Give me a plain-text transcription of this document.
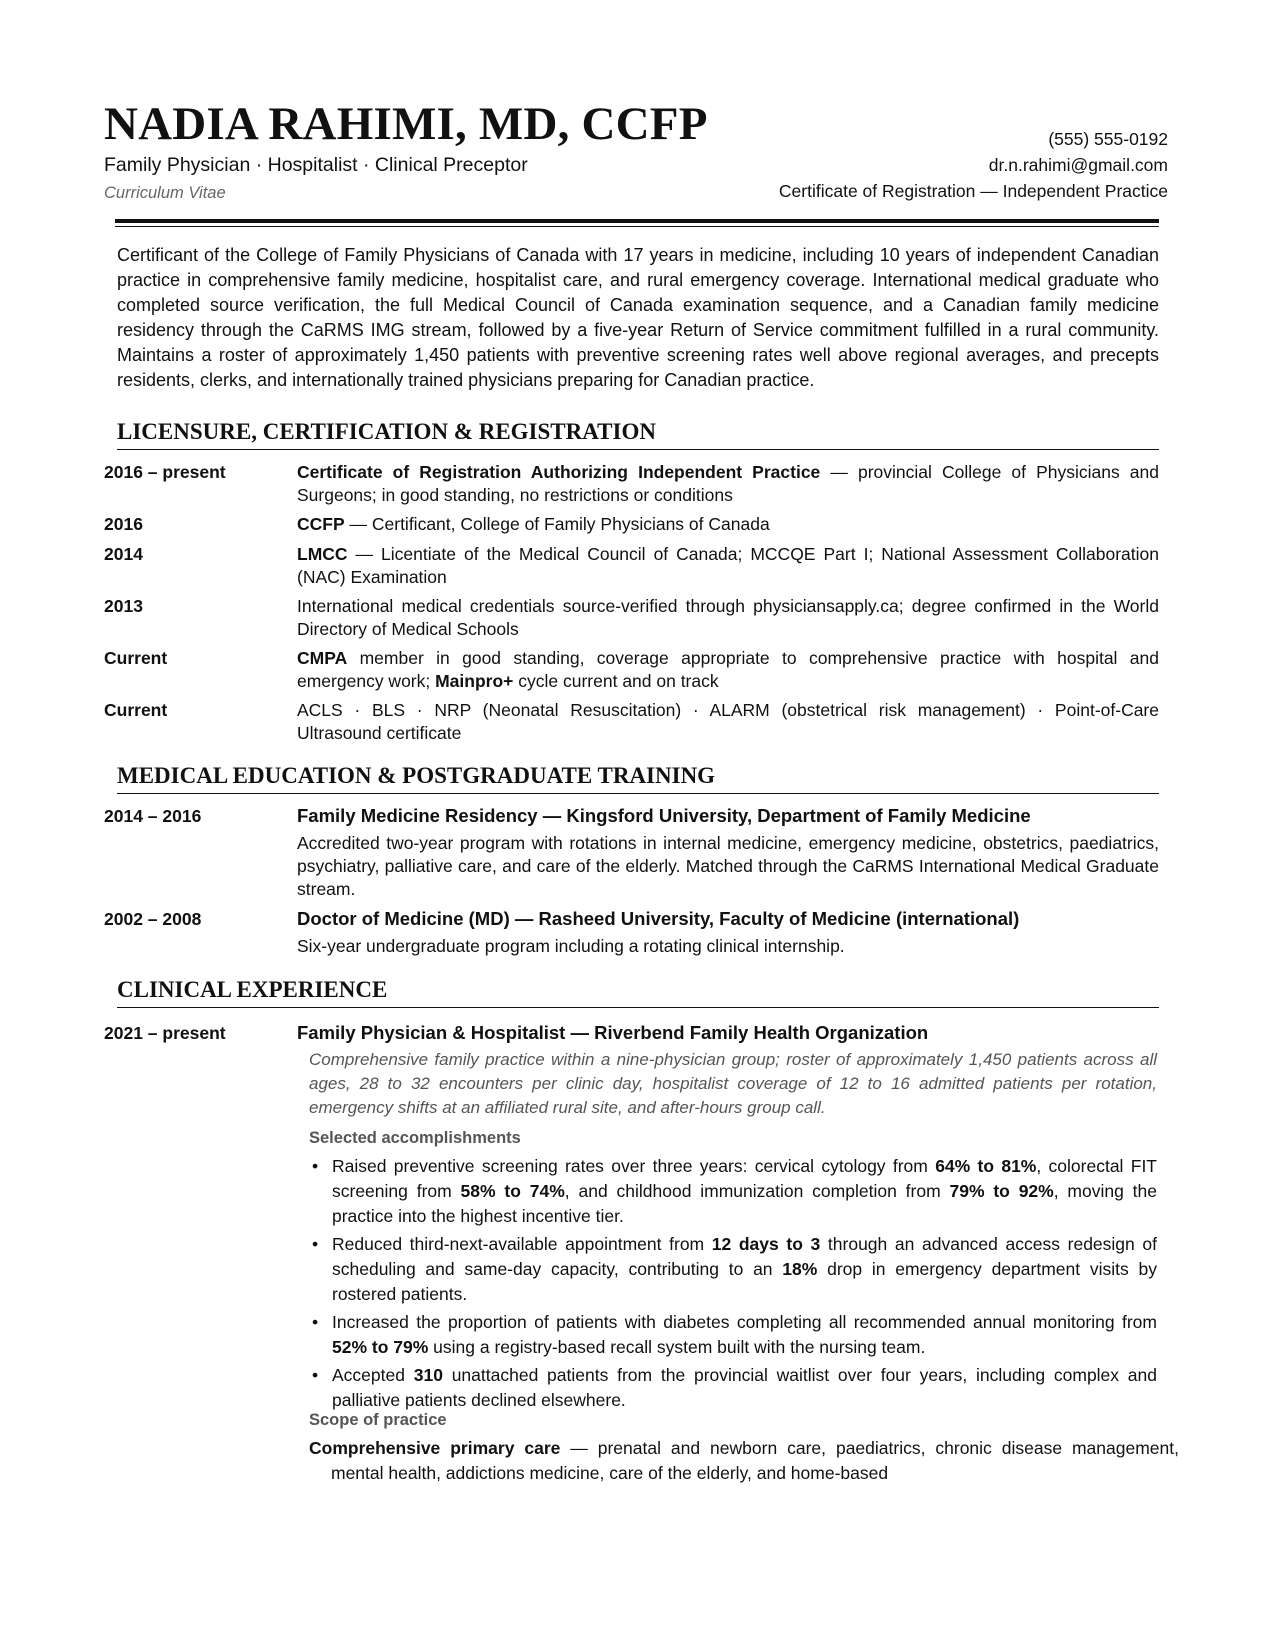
NADIA RAHIMI, MD, CCFP
Family Physician · Hospitalist · Clinical Preceptor
Curriculum Vitae
(555) 555-0192
dr.n.rahimi@gmail.com
Certificate of Registration — Independent Practice
Certificant of the College of Family Physicians of Canada with 17 years in medicine, including 10 years of independent Canadian practice in comprehensive family medicine, hospitalist care, and rural emergency coverage. International medical graduate who completed source verification, the full Medical Council of Canada examination sequence, and a Canadian family medicine residency through the CaRMS IMG stream, followed by a five-year Return of Service commitment fulfilled in a rural community. Maintains a roster of approximately 1,450 patients with preventive screening rates well above regional averages, and precepts residents, clerks, and internationally trained physicians preparing for Canadian practice.
LICENSURE, CERTIFICATION & REGISTRATION
2016 – present	Certificate of Registration Authorizing Independent Practice — provincial College of Physicians and Surgeons; in good standing, no restrictions or conditions
2016	CCFP — Certificant, College of Family Physicians of Canada
2014	LMCC — Licentiate of the Medical Council of Canada; MCCQE Part I; National Assessment Collaboration (NAC) Examination
2013	International medical credentials source-verified through physiciansapply.ca; degree confirmed in the World Directory of Medical Schools
Current	CMPA member in good standing, coverage appropriate to comprehensive practice with hospital and emergency work; Mainpro+ cycle current and on track
Current	ACLS · BLS · NRP (Neonatal Resuscitation) · ALARM (obstetrical risk management) · Point-of-Care Ultrasound certificate
MEDICAL EDUCATION & POSTGRADUATE TRAINING
2014 – 2016	Family Medicine Residency — Kingsford University, Department of Family Medicine
Accredited two-year program with rotations in internal medicine, emergency medicine, obstetrics, paediatrics, psychiatry, palliative care, and care of the elderly. Matched through the CaRMS International Medical Graduate stream.
2002 – 2008	Doctor of Medicine (MD) — Rasheed University, Faculty of Medicine (international)
Six-year undergraduate program including a rotating clinical internship.
CLINICAL EXPERIENCE
2021 – present	Family Physician & Hospitalist — Riverbend Family Health Organization
Comprehensive family practice within a nine-physician group; roster of approximately 1,450 patients across all ages, 28 to 32 encounters per clinic day, hospitalist coverage of 12 to 16 admitted patients per rotation, emergency shifts at an affiliated rural site, and after-hours group call.
Selected accomplishments
• Raised preventive screening rates over three years: cervical cytology from 64% to 81%, colorectal FIT screening from 58% to 74%, and childhood immunization completion from 79% to 92%, moving the practice into the highest incentive tier.
• Reduced third-next-available appointment from 12 days to 3 through an advanced access redesign of scheduling and same-day capacity, contributing to an 18% drop in emergency department visits by rostered patients.
• Increased the proportion of patients with diabetes completing all recommended annual monitoring from 52% to 79% using a registry-based recall system built with the nursing team.
• Accepted 310 unattached patients from the provincial waitlist over four years, including complex and palliative patients declined elsewhere.
Scope of practice
Comprehensive primary care — prenatal and newborn care, paediatrics, chronic disease management, mental health, addictions medicine, care of the elderly, and home-based
